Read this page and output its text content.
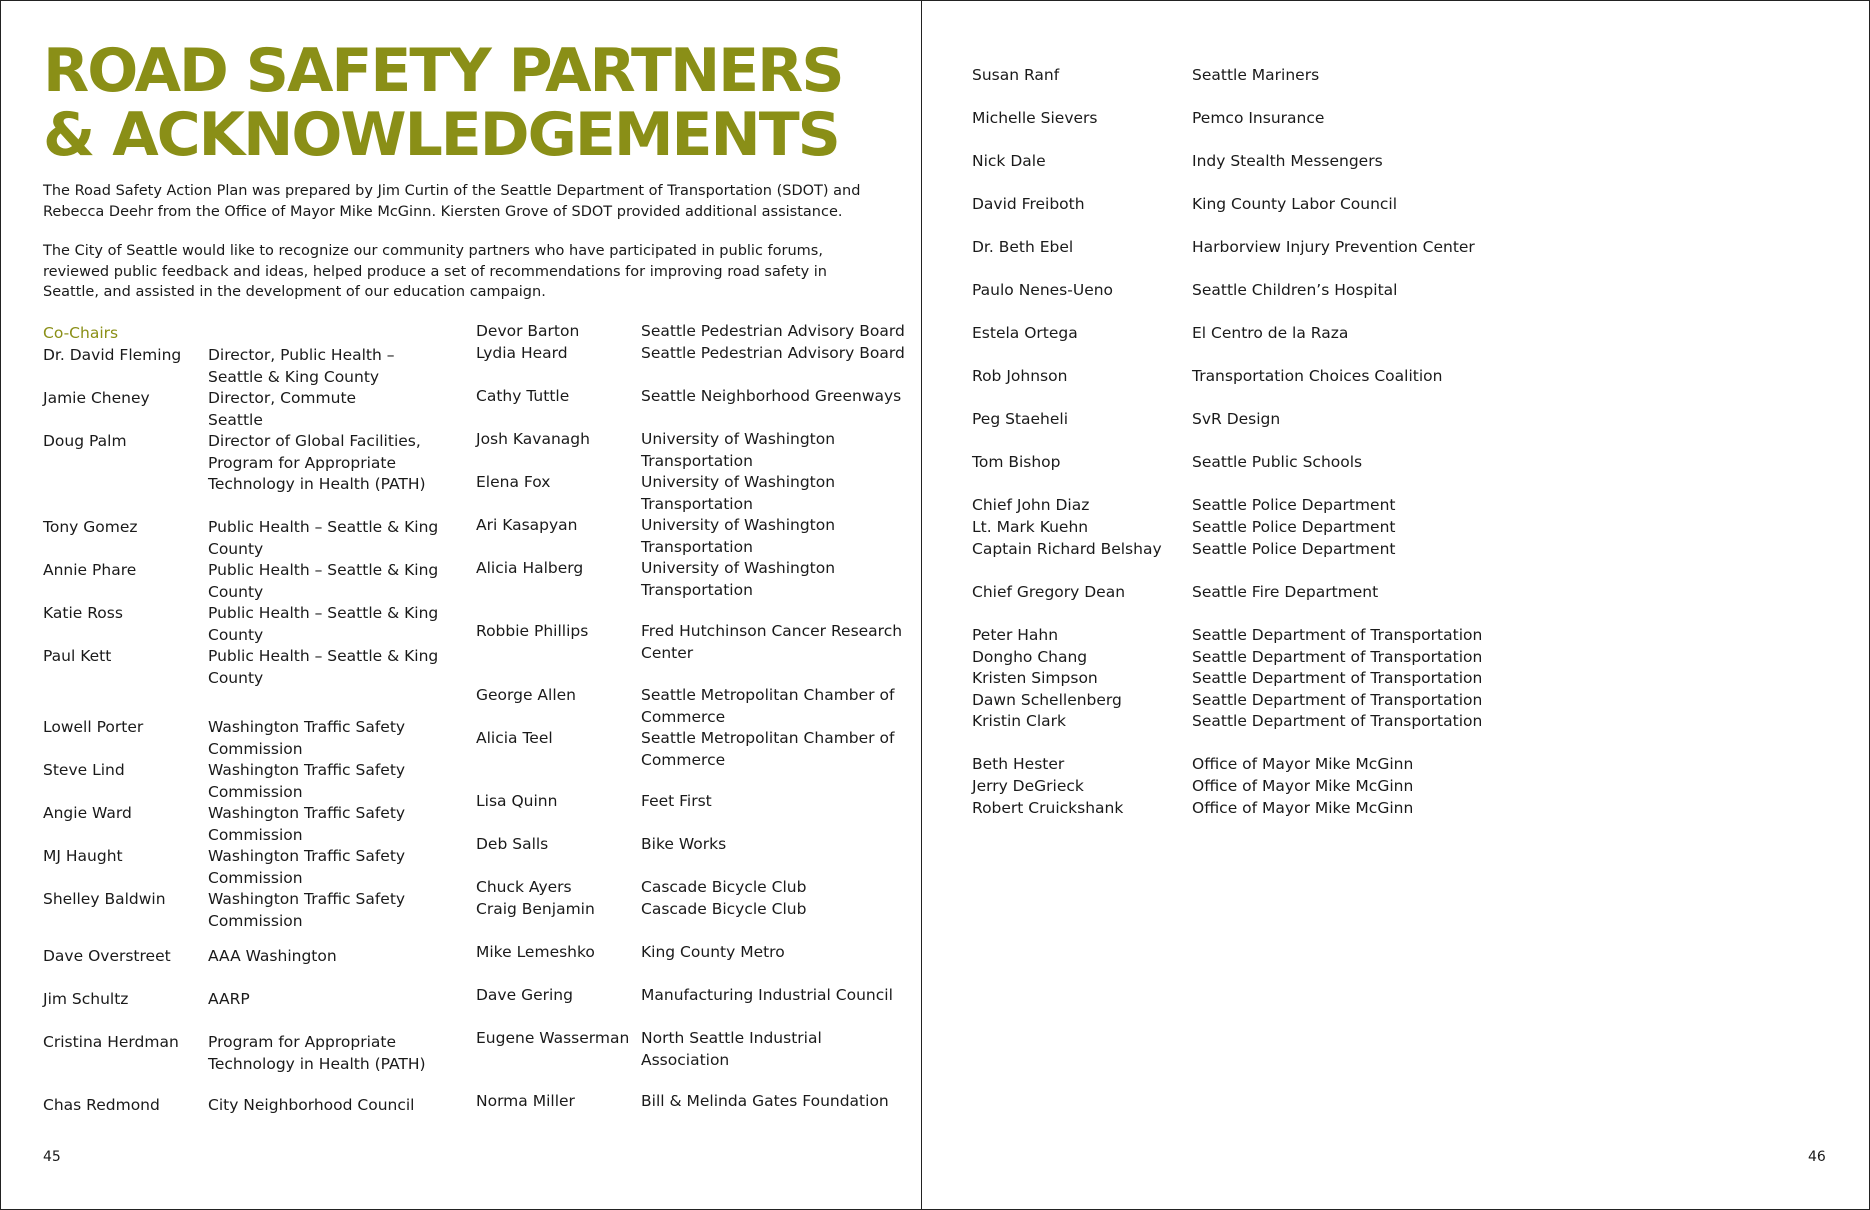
ROAD SAFETY PARTNERS
& ACKNOWLEDGEMENTS

The Road Safety Action Plan was prepared by Jim Curtin of the Seattle Department of Transportation (SDOT) and Rebecca Deehr from the Office of Mayor Mike McGinn. Kiersten Grove of SDOT provided additional assistance.

The City of Seattle would like to recognize our community partners who have participated in public forums, reviewed public feedback and ideas, helped produce a set of recommendations for improving road safety in Seattle, and assisted in the development of our education campaign.

Co-Chairs
Dr. David Fleming Director, Public Health –
Seattle & King County
Jamie Cheney	Director, Commute
Seattle
Doug Palm	Director of Global Facilities,
Program for Appropriate
Technology in Health (PATH)
Tony Gomez	Public Health – Seattle & King
County
Annie Phare	Public Health – Seattle & King
County
Katie Ross	Public Health – Seattle & King
County
Paul Kett	Public Health – Seattle & King
County
Lowell Porter	Washington Traffic Safety
Commission
Steve Lind	Washington Traffic Safety
Commission
Angie Ward	Washington Traffic Safety
Commission
MJ Haught	Washington Traffic Safety
Commission
Shelley Baldwin	Washington Traffic Safety
Commission
Dave Overstreet AAA Washington
Jim Schultz	AARP
Cristina Herdman Program for Appropriate
Technology in Health (PATH)
Chas Redmond	City Neighborhood Council
Devor Barton	Seattle Pedestrian Advisory Board
Lydia Heard	Seattle Pedestrian Advisory Board
Cathy Tuttle	Seattle Neighborhood Greenways
Josh Kavanagh	University of Washington
Transportation
Elena Fox	University of Washington
Transportation
Ari Kasapyan	University of Washington
Transportation
Alicia Halberg	University of Washington
Transportation
Robbie Phillips	Fred Hutchinson Cancer Research
Center
George Allen	Seattle Metropolitan Chamber of
Commerce
Alicia Teel	Seattle Metropolitan Chamber of
Commerce
Lisa Quinn	Feet First
Deb Salls	Bike Works
Chuck Ayers	Cascade Bicycle Club
Craig Benjamin	Cascade Bicycle Club
Mike Lemeshko	King County Metro
Dave Gering	Manufacturing Industrial Council
Eugene Wasserman North Seattle Industrial
Association
Norma Miller	Bill & Melinda Gates Foundation
45
Susan Ranf	Seattle Mariners
Michelle Sievers	Pemco Insurance
Nick Dale	Indy Stealth Messengers
David Freiboth	King County Labor Council
Dr. Beth Ebel	Harborview Injury Prevention Center
Paulo Nenes-Ueno	Seattle Children’s Hospital
Estela Ortega	El Centro de la Raza
Rob Johnson	Transportation Choices Coalition
Peg Staeheli	SvR Design
Tom Bishop	Seattle Public Schools
Chief John Diaz	Seattle Police Department
Lt. Mark Kuehn	Seattle Police Department
Captain Richard Belshay Seattle Police Department
Chief Gregory Dean	Seattle Fire Department
Peter Hahn	Seattle Department of Transportation
Dongho Chang	Seattle Department of Transportation
Kristen Simpson	Seattle Department of Transportation
Dawn Schellenberg	Seattle Department of Transportation
Kristin Clark	Seattle Department of Transportation
Beth Hester	Office of Mayor Mike McGinn
Jerry DeGrieck	Office of Mayor Mike McGinn
Robert Cruickshank	Office of Mayor Mike McGinn
46
